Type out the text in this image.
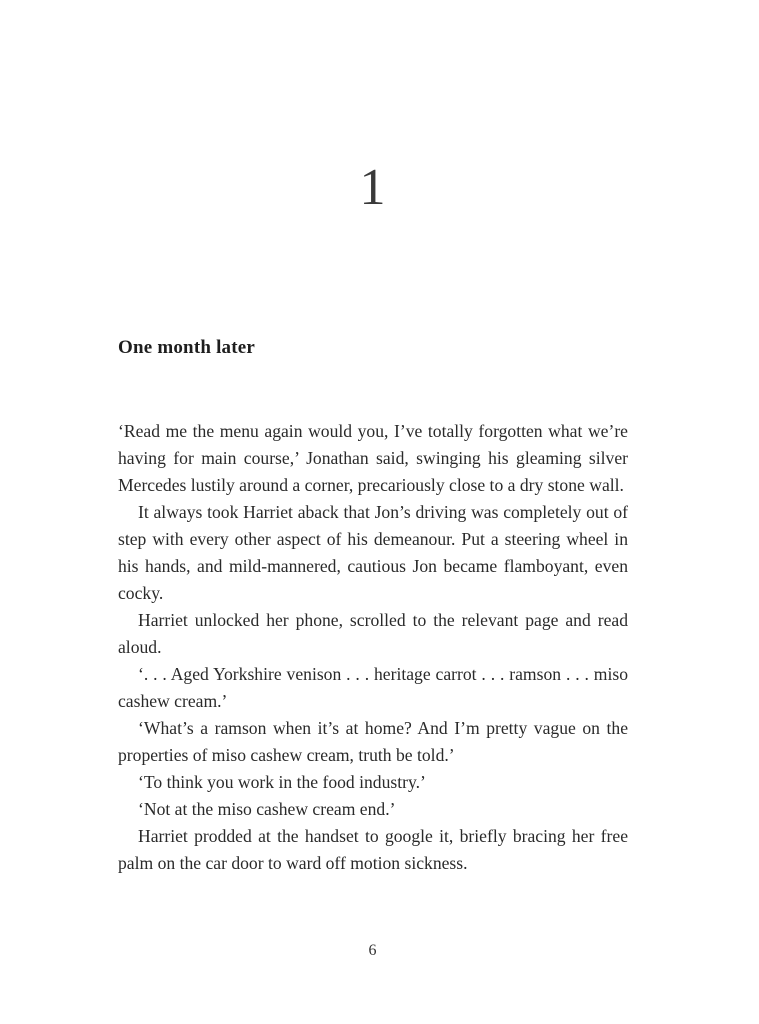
1
One month later

‘Read me the menu again would you, I’ve totally forgotten what we’re having for main course,’ Jonathan said, swinging his gleaming silver Mercedes lustily around a corner, precariously close to a dry stone wall.

It always took Harriet aback that Jon’s driving was completely out of step with every other aspect of his demeanour. Put a steering wheel in his hands, and mild-mannered, cautious Jon became flamboyant, even cocky.

Harriet unlocked her phone, scrolled to the relevant page and read aloud.

‘. . . Aged Yorkshire venison . . . heritage carrot . . . ramson . . . miso cashew cream.’

‘What’s a ramson when it’s at home? And I’m pretty vague on the properties of miso cashew cream, truth be told.’

‘To think you work in the food industry.’

‘Not at the miso cashew cream end.’

Harriet prodded at the handset to google it, briefly bracing her free palm on the car door to ward off motion sickness.

6
